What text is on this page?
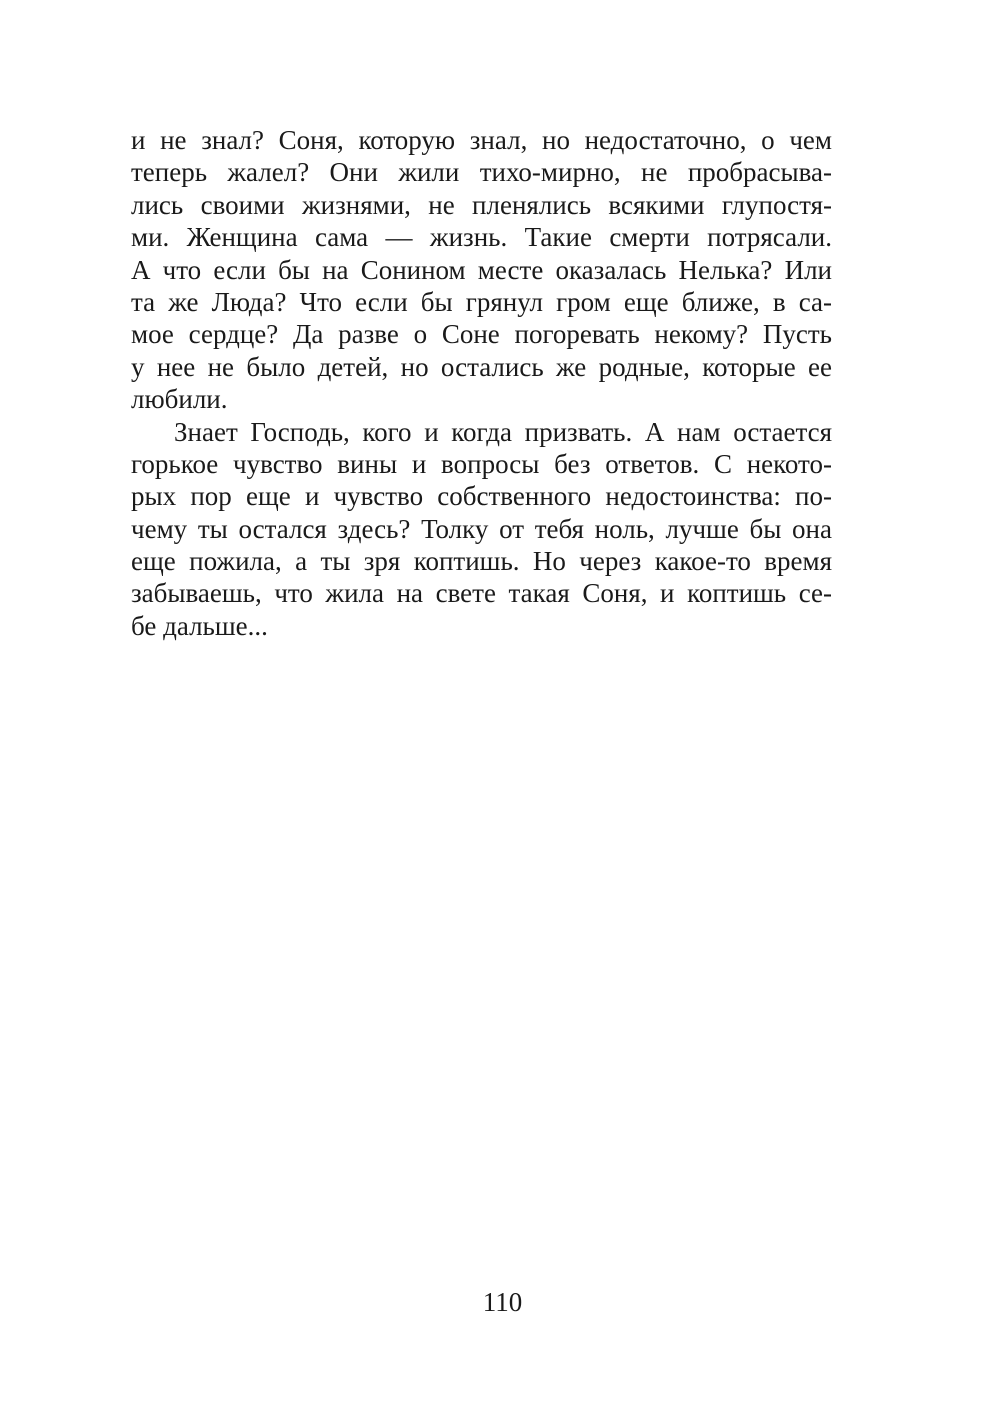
и не знал? Соня, которую знал, но недостаточно, о чем
теперь жалел? Они жили тихо-мирно, не пробрасыва-
лись своими жизнями, не пленялись всякими глупостя-
ми. Женщина сама — жизнь. Такие смерти потрясали.
А что если бы на Сонином месте оказалась Нелька? Или
та же Люда? Что если бы грянул гром еще ближе, в са-
мое сердце? Да разве о Соне погоревать некому? Пусть
у нее не было детей, но остались же родные, которые ее
любили.
Знает Господь, кого и когда призвать. А нам остается
горькое чувство вины и вопросы без ответов. С некото-
рых пор еще и чувство собственного недостоинства: по-
чему ты остался здесь? Толку от тебя ноль, лучше бы она
еще пожила, а ты зря коптишь. Но через какое-то время
забываешь, что жила на свете такая Соня, и коптишь се-
бе дальше...
110
